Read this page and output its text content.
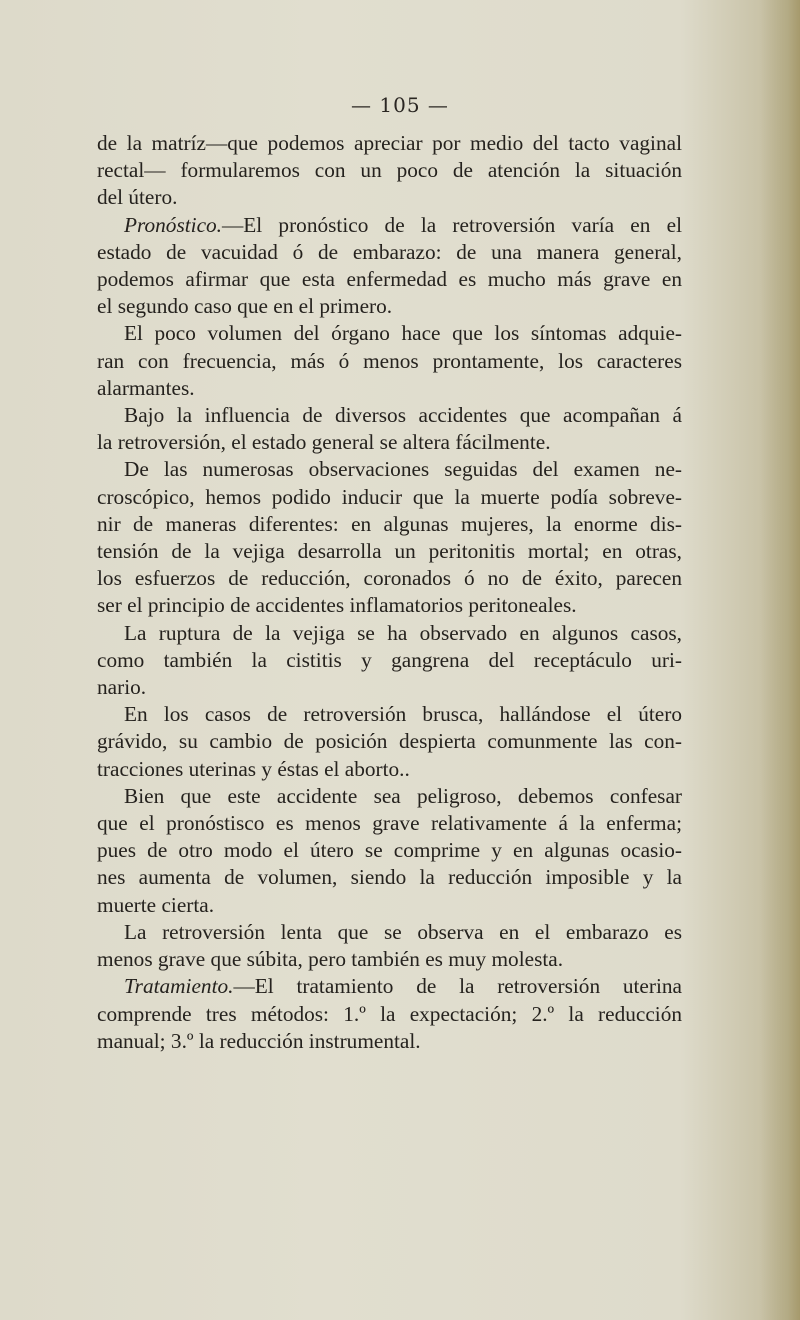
— 105 —

de la matríz—que podemos apreciar por medio del tacto vaginal
rectal— formularemos con un poco de atención la situación
del útero.

Pronóstico.—El pronóstico de la retroversión varía en el
estado de vacuidad ó de embarazo: de una manera general,
podemos afirmar que esta enfermedad es mucho más grave en
el segundo caso que en el primero.

El poco volumen del órgano hace que los síntomas adquie-
ran con frecuencia, más ó menos prontamente, los caracteres
alarmantes.

Bajo la influencia de diversos accidentes que acompañan á
la retroversión, el estado general se altera fácilmente.

De las numerosas observaciones seguidas del examen ne-
croscópico, hemos podido inducir que la muerte podía sobreve-
nir de maneras diferentes: en algunas mujeres, la enorme dis-
tensión de la vejiga desarrolla un peritonitis mortal; en otras,
los esfuerzos de reducción, coronados ó no de éxito, parecen
ser el principio de accidentes inflamatorios peritoneales.

La ruptura de la vejiga se ha observado en algunos casos,
como también la cistitis y gangrena del receptáculo uri-
nario.

En los casos de retroversión brusca, hallándose el útero
grávido, su cambio de posición despierta comunmente las con-
tracciones uterinas y éstas el aborto..

Bien que este accidente sea peligroso, debemos confesar
que el pronóstisco es menos grave relativamente á la enferma;
pues de otro modo el útero se comprime y en algunas ocasio-
nes aumenta de volumen, siendo la reducción imposible y la
muerte cierta.

La retroversión lenta que se observa en el embarazo es
menos grave que súbita, pero también es muy molesta.

Tratamiento.—El tratamiento de la retroversión uterina
comprende tres métodos: 1.º la expectación; 2.º la reducción
manual; 3.º la reducción instrumental.
